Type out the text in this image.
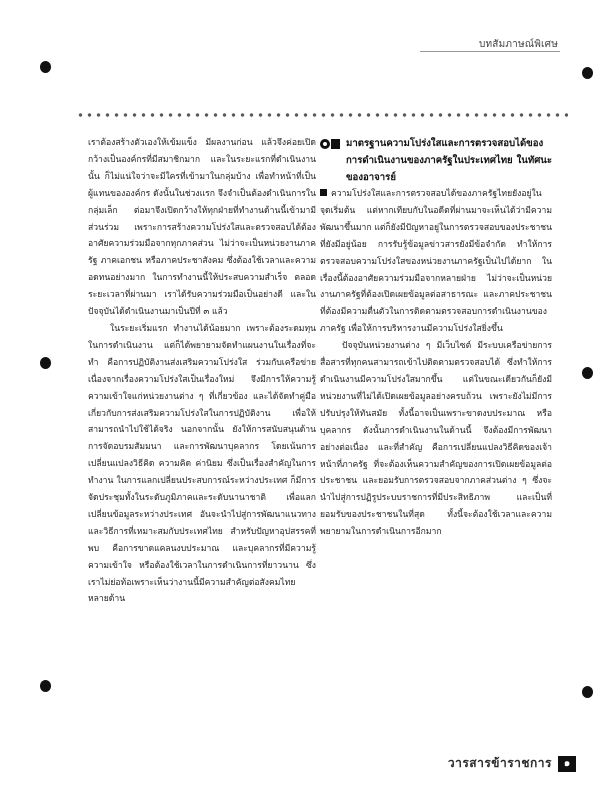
บทสัมภาษณ์พิเศษ

เราต้องสร้างตัวเองให้เข้มแข็ง มีผลงานก่อน แล้วจึงค่อยเปิดกว้างเป็นองค์กรที่มีสมาชิกมาก และในระยะแรกที่ดำเนินงานนั้น ก็ไม่แน่ใจว่าจะมีใครที่เข้ามาในกลุ่มบ้าง เพื่อทำหน้าที่เป็นผู้แทนขององค์กร ดังนั้นในช่วงแรก จึงจำเป็นต้องดำเนินการในกลุ่มเล็ก ต่อมาจึงเปิดกว้างให้ทุกฝ่ายที่ทำงานด้านนี้เข้ามามีส่วนร่วม เพราะการสร้างความโปร่งใสและตรวจสอบได้ต้องอาศัยความร่วมมือจากทุกภาคส่วน ไม่ว่าจะเป็นหน่วยงานภาครัฐ ภาคเอกชน หรือภาคประชาสังคม ซึ่งต้องใช้เวลาและความอดทนอย่างมาก ในการทำงานนี้ให้ประสบความสำเร็จ ตลอดระยะเวลาที่ผ่านมา เราได้รับความร่วมมือเป็นอย่างดี และในปัจจุบันได้ดำเนินงานมาเป็นปีที่ ๓ แล้ว

ในระยะเริ่มแรก ทำงานได้น้อยมาก เพราะต้องระดมทุนในการดำเนินงาน แต่ก็ได้พยายามจัดทำแผนงานในเรื่องที่จะทำ คือการปฏิบัติงานส่งเสริมความโปร่งใส ร่วมกับเครือข่าย เนื่องจากเรื่องความโปร่งใสเป็นเรื่องใหม่ จึงมีการให้ความรู้ความเข้าใจแก่หน่วยงานต่าง ๆ ที่เกี่ยวข้อง และได้จัดทำคู่มือเกี่ยวกับการส่งเสริมความโปร่งใสในการปฏิบัติงาน เพื่อให้สามารถนำไปใช้ได้จริง นอกจากนั้น ยังให้การสนับสนุนด้านการจัดอบรมสัมมนา และการพัฒนาบุคลากร โดยเน้นการเปลี่ยนแปลงวิธีคิด ความคิด ค่านิยม ซึ่งเป็นเรื่องสำคัญในการทำงาน ในการแลกเปลี่ยนประสบการณ์ระหว่างประเทศ ก็มีการจัดประชุมทั้งในระดับภูมิภาคและระดับนานาชาติ เพื่อแลกเปลี่ยนข้อมูลระหว่างประเทศ อันจะนำไปสู่การพัฒนาแนวทางและวิธีการที่เหมาะสมกับประเทศไทย สำหรับปัญหาอุปสรรคที่พบ คือการขาดแคลนงบประมาณ และบุคลากรที่มีความรู้ความเข้าใจ หรือต้องใช้เวลาในการดำเนินการที่ยาวนาน ซึ่งเราไม่ย่อท้อเพราะเห็นว่างานนี้มีความสำคัญต่อสังคมไทยหลายด้าน

มาตรฐานความโปร่งใสและการตรวจสอบได้ของการดำเนินงานของภาครัฐในประเทศไทย ในทัศนะของอาจารย์

ความโปร่งใสและการตรวจสอบได้ของภาครัฐไทยยังอยู่ในจุดเริ่มต้น แต่หากเทียบกับในอดีตที่ผ่านมาจะเห็นได้ว่ามีความพัฒนาขึ้นมาก แต่ก็ยังมีปัญหาอยู่ในการตรวจสอบของประชาชนที่ยังมีอยู่น้อย การรับรู้ข้อมูลข่าวสารยังมีข้อจำกัด ทำให้การตรวจสอบความโปร่งใสของหน่วยงานภาครัฐเป็นไปได้ยาก ในเรื่องนี้ต้องอาศัยความร่วมมือจากหลายฝ่าย ไม่ว่าจะเป็นหน่วยงานภาครัฐที่ต้องเปิดเผยข้อมูลต่อสาธารณะ และภาคประชาชนที่ต้องมีความตื่นตัวในการติดตามตรวจสอบการดำเนินงานของภาครัฐ เพื่อให้การบริหารงานมีความโปร่งใสยิ่งขึ้น

ปัจจุบันหน่วยงานต่าง ๆ มีเว็บไซต์ มีระบบเครือข่ายการสื่อสารที่ทุกคนสามารถเข้าไปติดตามตรวจสอบได้ ซึ่งทำให้การดำเนินงานมีความโปร่งใสมากขึ้น แต่ในขณะเดียวกันก็ยังมีหน่วยงานที่ไม่ได้เปิดเผยข้อมูลอย่างครบถ้วน เพราะยังไม่มีการปรับปรุงให้ทันสมัย ทั้งนี้อาจเป็นเพราะขาดงบประมาณ หรือบุคลากร ดังนั้นการดำเนินงานในด้านนี้ จึงต้องมีการพัฒนาอย่างต่อเนื่อง และที่สำคัญ คือการเปลี่ยนแปลงวิธีคิดของเจ้าหน้าที่ภาครัฐ ที่จะต้องเห็นความสำคัญของการเปิดเผยข้อมูลต่อประชาชน และยอมรับการตรวจสอบจากภาคส่วนต่าง ๆ ซึ่งจะนำไปสู่การปฏิรูประบบราชการที่มีประสิทธิภาพ และเป็นที่ยอมรับของประชาชนในที่สุด ทั้งนี้จะต้องใช้เวลาและความพยายามในการดำเนินการอีกมาก

วารสารข้าราชการ	๑
